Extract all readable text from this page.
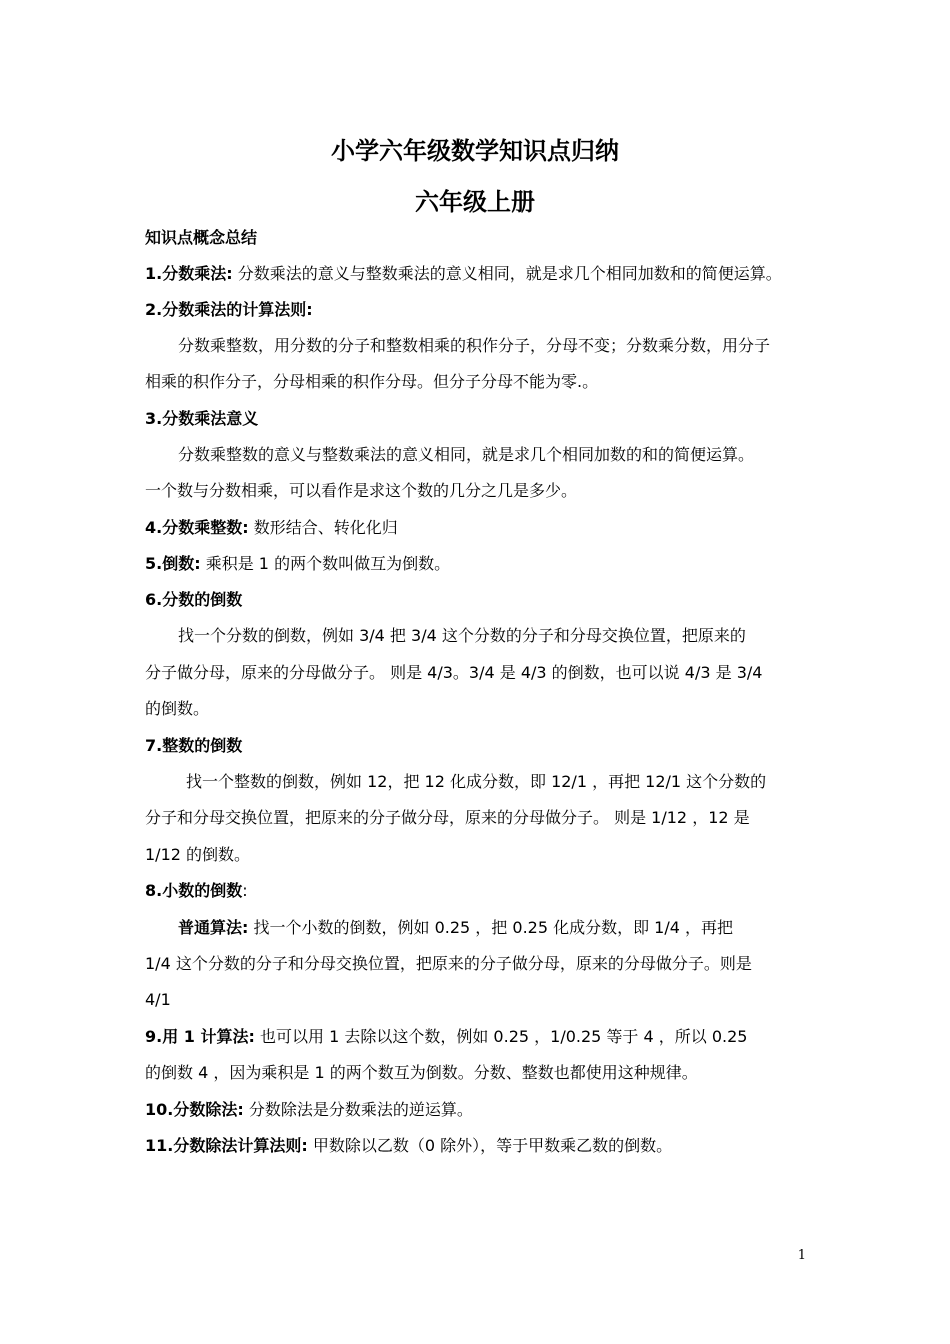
小学六年级数学知识点归纳
六年级上册
知识点概念总结
1.分数乘法: 分数乘法的意义与整数乘法的意义相同，就是求几个相同加数和的简便运算。
2.分数乘法的计算法则:
分数乘整数，用分数的分子和整数相乘的积作分子，分母不变；分数乘分数，用分子
相乘的积作分子，分母相乘的积作分母。但分子分母不能为零.。
3.分数乘法意义
分数乘整数的意义与整数乘法的意义相同，就是求几个相同加数的和的简便运算。
一个数与分数相乘，可以看作是求这个数的几分之几是多少。
4.分数乘整数: 数形结合、转化化归
5.倒数: 乘积是 1 的两个数叫做互为倒数。
6.分数的倒数
找一个分数的倒数，例如 3/4 把 3/4 这个分数的分子和分母交换位置，把原来的
分子做分母，原来的分母做分子。 则是 4/3。3/4 是 4/3 的倒数，也可以说 4/3 是 3/4
的倒数。
7.整数的倒数
找一个整数的倒数，例如 12，把 12 化成分数，即 12/1 ，再把 12/1 这个分数的
分子和分母交换位置，把原来的分子做分母，原来的分母做分子。 则是 1/12 ，12 是
1/12 的倒数。
8.小数的倒数:
普通算法: 找一个小数的倒数，例如 0.25 ，把 0.25 化成分数，即 1/4 ，再把
1/4 这个分数的分子和分母交换位置，把原来的分子做分母，原来的分母做分子。则是
4/1
9.用 1 计算法: 也可以用 1 去除以这个数，例如 0.25 ，1/0.25 等于 4 ，所以 0.25
的倒数 4 ，因为乘积是 1 的两个数互为倒数。分数、整数也都使用这种规律。
10.分数除法: 分数除法是分数乘法的逆运算。
11.分数除法计算法则: 甲数除以乙数（0 除外），等于甲数乘乙数的倒数。
1
